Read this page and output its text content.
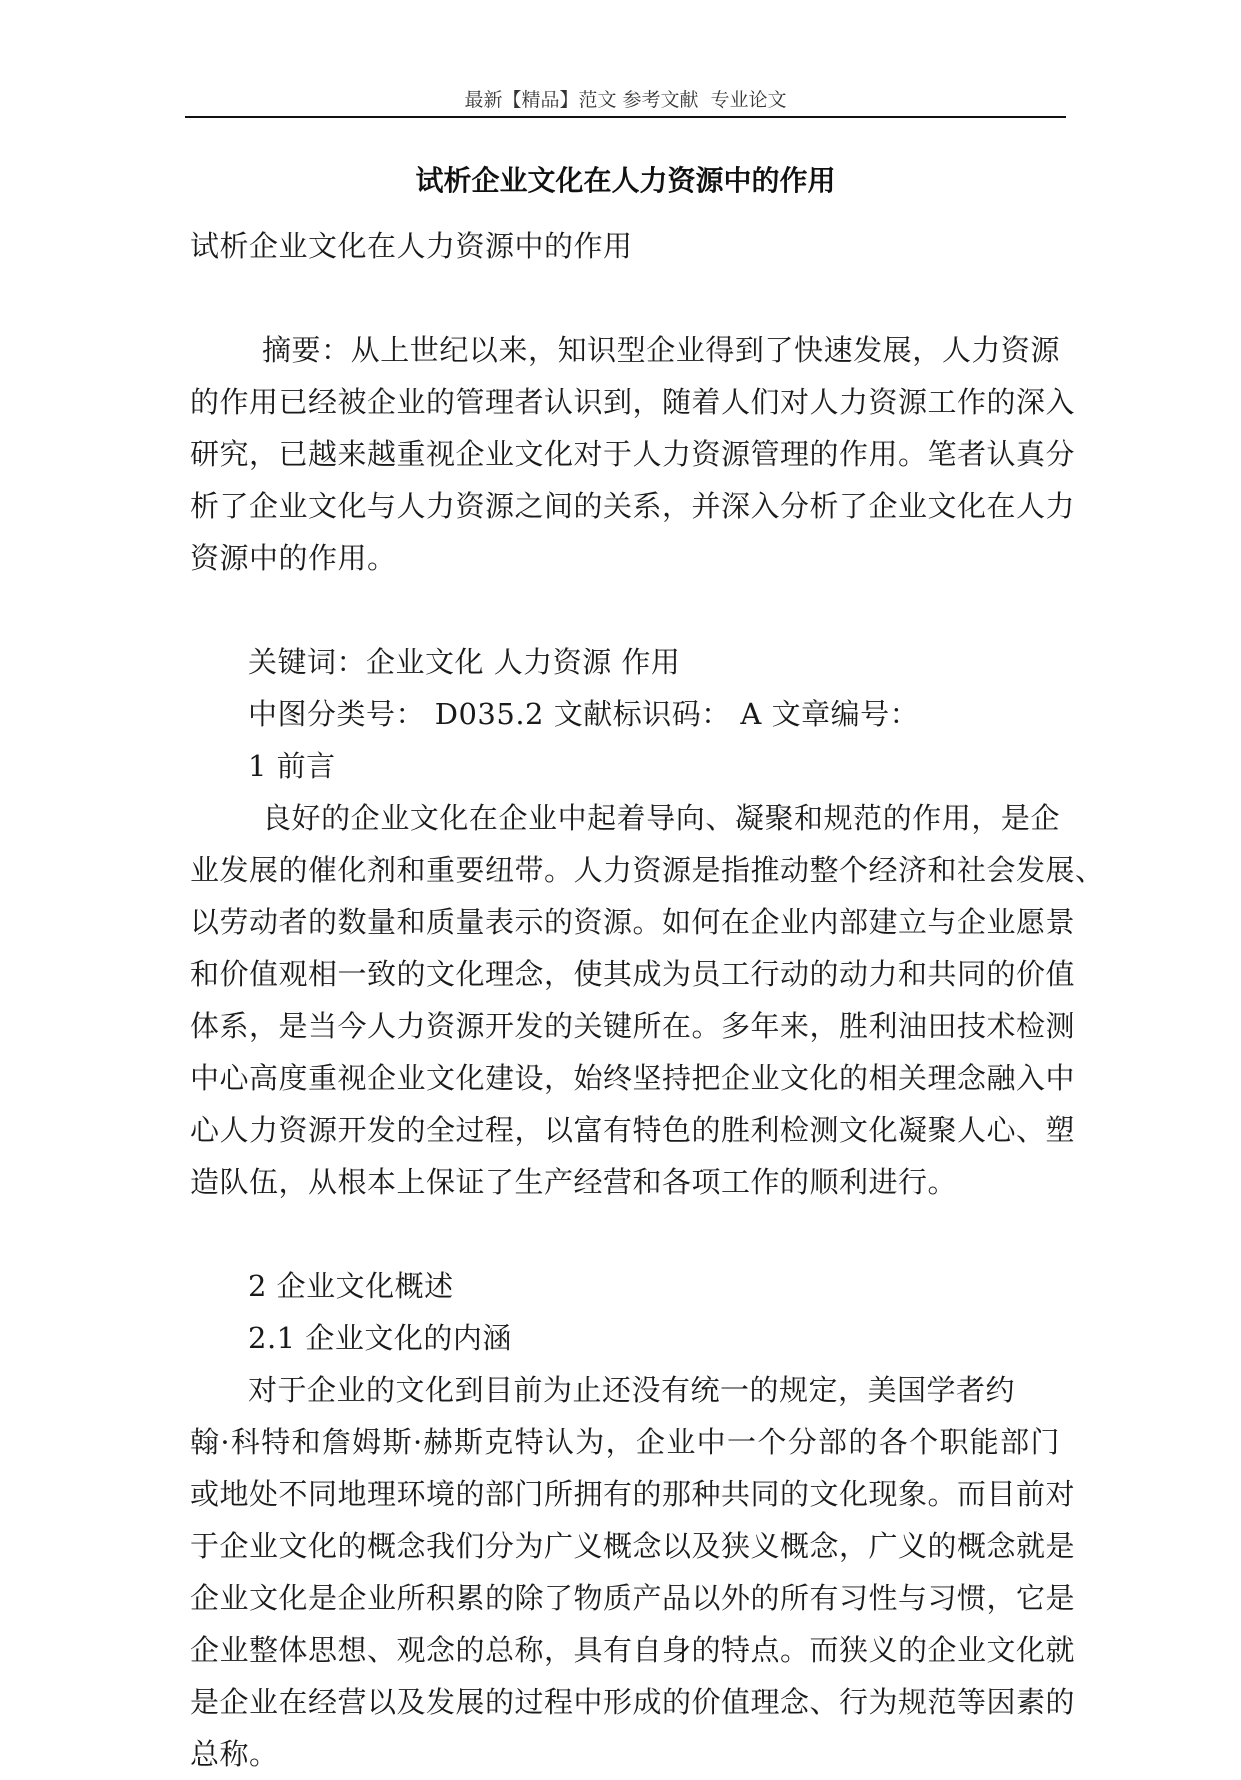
最新【精品】范文 参考文献  专业论文
试析企业文化在人力资源中的作用
试析企业文化在人力资源中的作用
摘要：从上世纪以来，知识型企业得到了快速发展，人力资源
的作用已经被企业的管理者认识到，随着人们对人力资源工作的深入
研究，已越来越重视企业文化对于人力资源管理的作用。笔者认真分
析了企业文化与人力资源之间的关系，并深入分析了企业文化在人力
资源中的作用。
关键词：企业文化 人力资源 作用
中图分类号： D035.2 文献标识码： A 文章编号：
1 前言
良好的企业文化在企业中起着导向、凝聚和规范的作用，是企
业发展的催化剂和重要纽带。人力资源是指推动整个经济和社会发展、
以劳动者的数量和质量表示的资源。如何在企业内部建立与企业愿景
和价值观相一致的文化理念，使其成为员工行动的动力和共同的价值
体系，是当今人力资源开发的关键所在。多年来，胜利油田技术检测
中心高度重视企业文化建设，始终坚持把企业文化的相关理念融入中
心人力资源开发的全过程，以富有特色的胜利检测文化凝聚人心、塑
造队伍，从根本上保证了生产经营和各项工作的顺利进行。
2 企业文化概述
2.1 企业文化的内涵
对于企业的文化到目前为止还没有统一的规定，美国学者约
翰·科特和詹姆斯·赫斯克特认为，企业中一个分部的各个职能部门
或地处不同地理环境的部门所拥有的那种共同的文化现象。而目前对
于企业文化的概念我们分为广义概念以及狭义概念，广义的概念就是
企业文化是企业所积累的除了物质产品以外的所有习性与习惯，它是
企业整体思想、观念的总称，具有自身的特点。而狭义的企业文化就
是企业在经营以及发展的过程中形成的价值理念、行为规范等因素的
总称。
